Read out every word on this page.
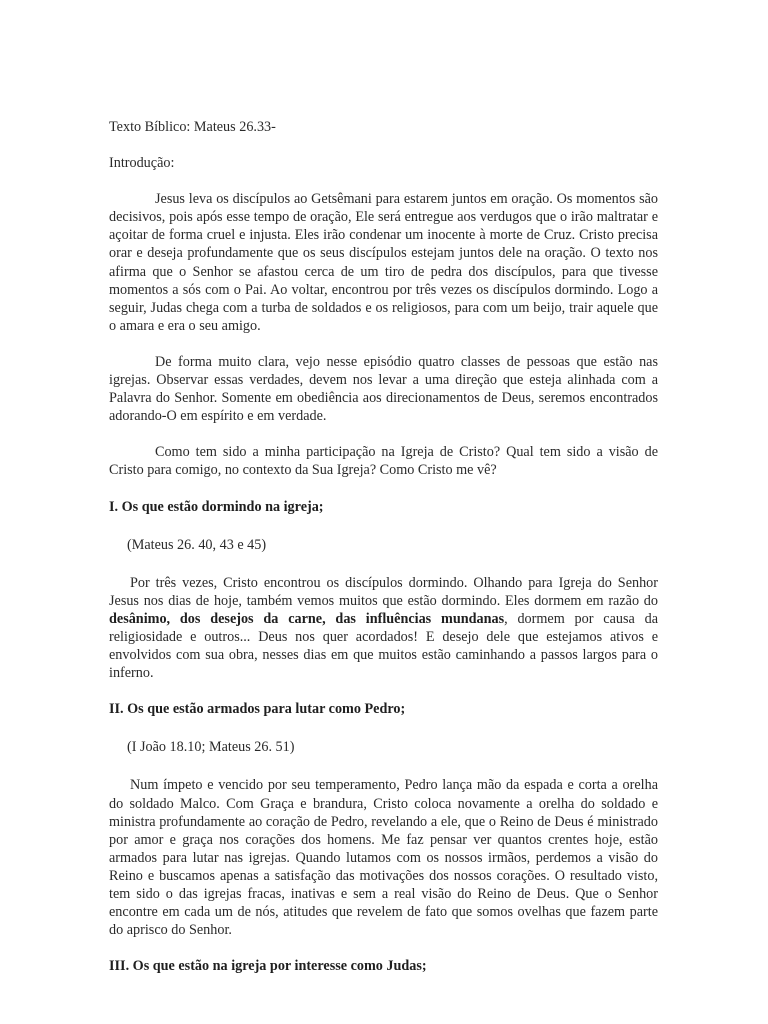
Texto Bíblico: Mateus 26.33-

Introdução:

Jesus leva os discípulos ao Getsêmani para estarem juntos em oração. Os momentos são decisivos, pois após esse tempo de oração, Ele será entregue aos verdugos que o irão maltratar e açoitar de forma cruel e injusta. Eles irão condenar um inocente à morte de Cruz. Cristo precisa orar e deseja profundamente que os seus discípulos estejam juntos dele na oração. O texto nos afirma que o Senhor se afastou cerca de um tiro de pedra dos discípulos, para que tivesse momentos a sós com o Pai. Ao voltar, encontrou por três vezes os discípulos dormindo. Logo a seguir, Judas chega com a turba de soldados e os religiosos, para com um beijo, trair aquele que o amara e era o seu amigo.

De forma muito clara, vejo nesse episódio quatro classes de pessoas que estão nas igrejas. Observar essas verdades, devem nos levar a uma direção que esteja alinhada com a Palavra do Senhor. Somente em obediência aos direcionamentos de Deus, seremos encontrados adorando-O em espírito e em verdade.

Como tem sido a minha participação na Igreja de Cristo? Qual tem sido a visão de Cristo para comigo, no contexto da Sua Igreja? Como Cristo me vê?

I. Os que estão dormindo na igreja;

(Mateus 26. 40, 43 e 45)

Por três vezes, Cristo encontrou os discípulos dormindo. Olhando para Igreja do Senhor Jesus nos dias de hoje, também vemos muitos que estão dormindo. Eles dormem em razão do desânimo, dos desejos da carne, das influências mundanas, dormem por causa da religiosidade e outros... Deus nos quer acordados! E desejo dele que estejamos ativos e envolvidos com sua obra, nesses dias em que muitos estão caminhando a passos largos para o inferno.

II. Os que estão armados para lutar como Pedro;

(I João 18.10; Mateus 26. 51)

Num ímpeto e vencido por seu temperamento, Pedro lança mão da espada e corta a orelha do soldado Malco. Com Graça e brandura, Cristo coloca novamente a orelha do soldado e ministra profundamente ao coração de Pedro, revelando a ele, que o Reino de Deus é ministrado por amor e graça nos corações dos homens. Me faz pensar ver quantos crentes hoje, estão armados para lutar nas igrejas. Quando lutamos com os nossos irmãos, perdemos a visão do Reino e buscamos apenas a satisfação das motivações dos nossos corações. O resultado visto, tem sido o das igrejas fracas, inativas e sem a real visão do Reino de Deus. Que o Senhor encontre em cada um de nós, atitudes que revelem de fato que somos ovelhas que fazem parte do aprisco do Senhor.

III. Os que estão na igreja por interesse como Judas;
